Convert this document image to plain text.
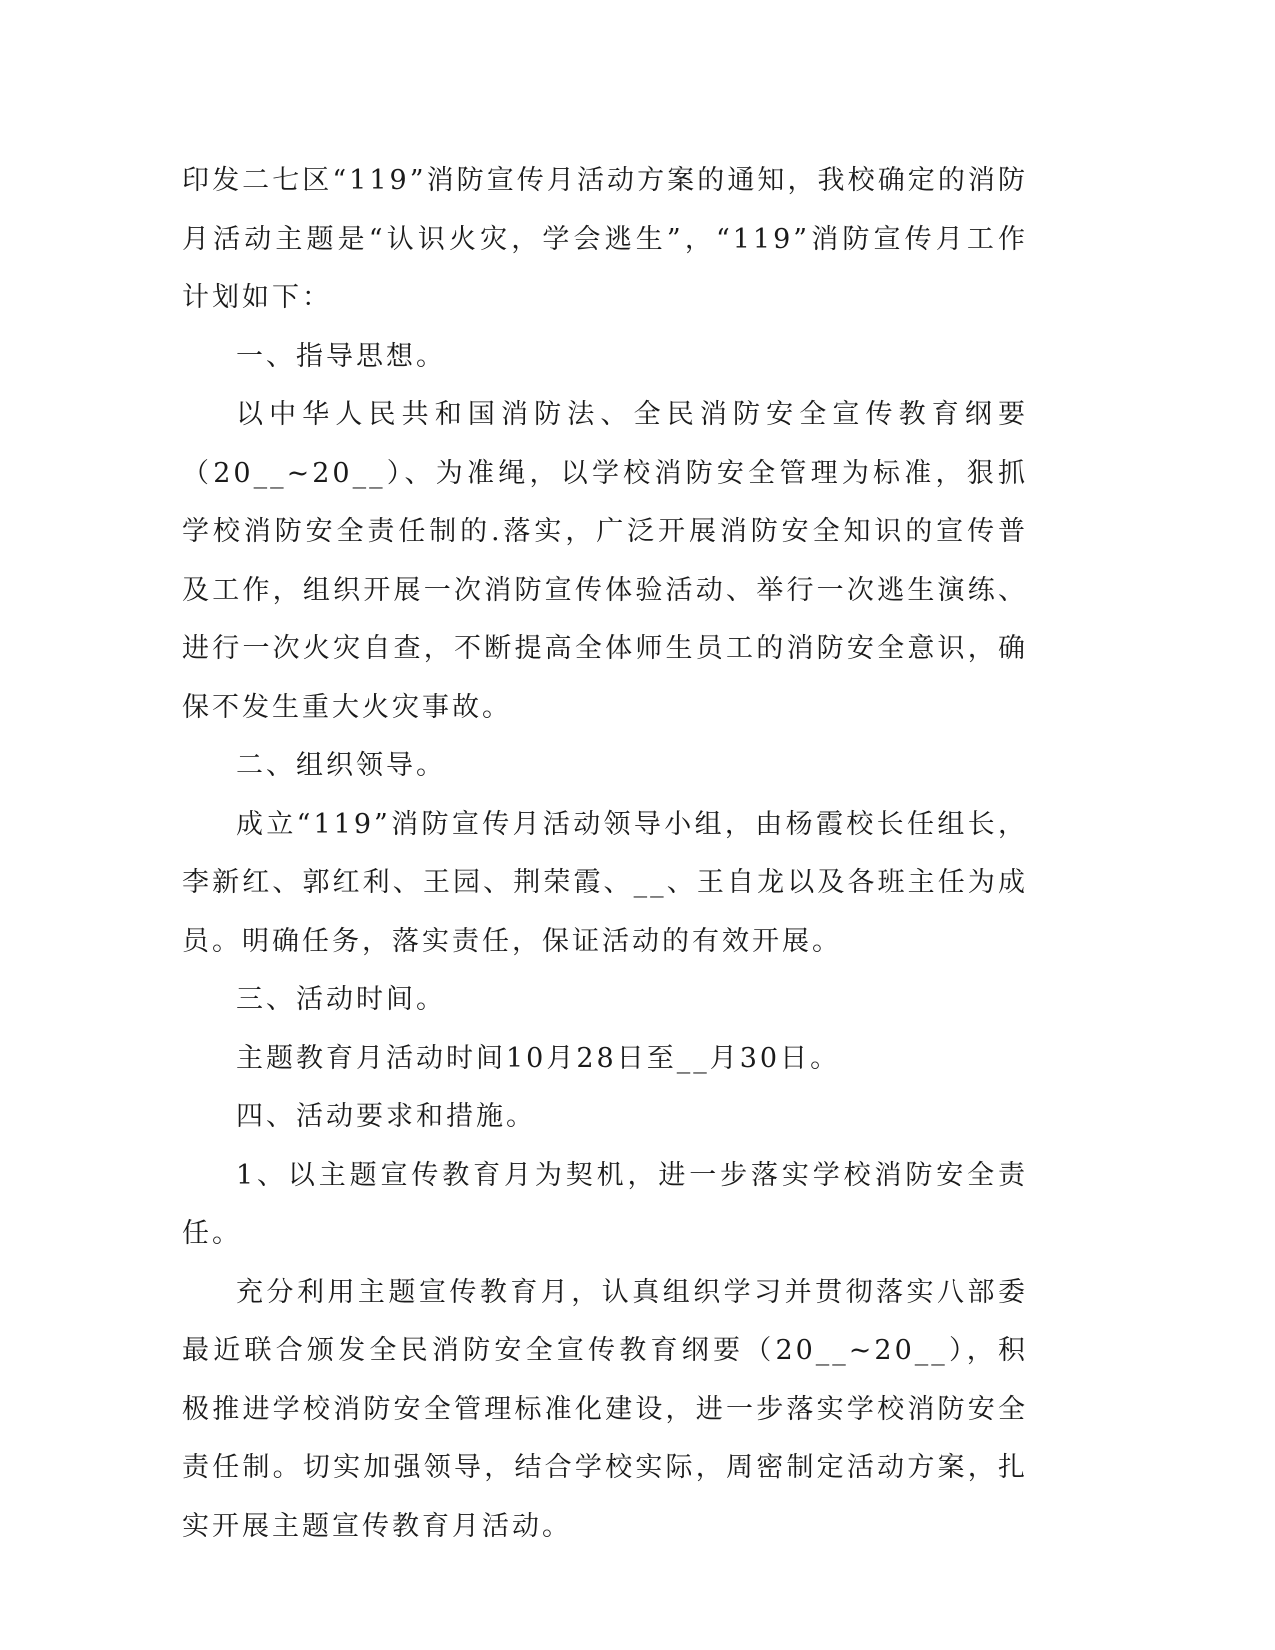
印发二七区“119”消防宣传月活动方案的通知，我校确定的消防月活动主题是“认识火灾，学会逃生”，“119”消防宣传月工作计划如下：

一、指导思想。

以中华人民共和国消防法、全民消防安全宣传教育纲要（20__~20__）、为准绳，以学校消防安全管理为标准，狠抓学校消防安全责任制的.落实，广泛开展消防安全知识的宣传普及工作，组织开展一次消防宣传体验活动、举行一次逃生演练、进行一次火灾自查，不断提高全体师生员工的消防安全意识，确保不发生重大火灾事故。

二、组织领导。

成立“119”消防宣传月活动领导小组，由杨霞校长任组长，李新红、郭红利、王园、荆荣霞、__、王自龙以及各班主任为成员。明确任务，落实责任，保证活动的有效开展。

三、活动时间。

主题教育月活动时间10月28日至__月30日。

四、活动要求和措施。

1、以主题宣传教育月为契机，进一步落实学校消防安全责任。

充分利用主题宣传教育月，认真组织学习并贯彻落实八部委最近联合颁发全民消防安全宣传教育纲要（20__~20__），积极推进学校消防安全管理标准化建设，进一步落实学校消防安全责任制。切实加强领导，结合学校实际，周密制定活动方案，扎实开展主题宣传教育月活动。
